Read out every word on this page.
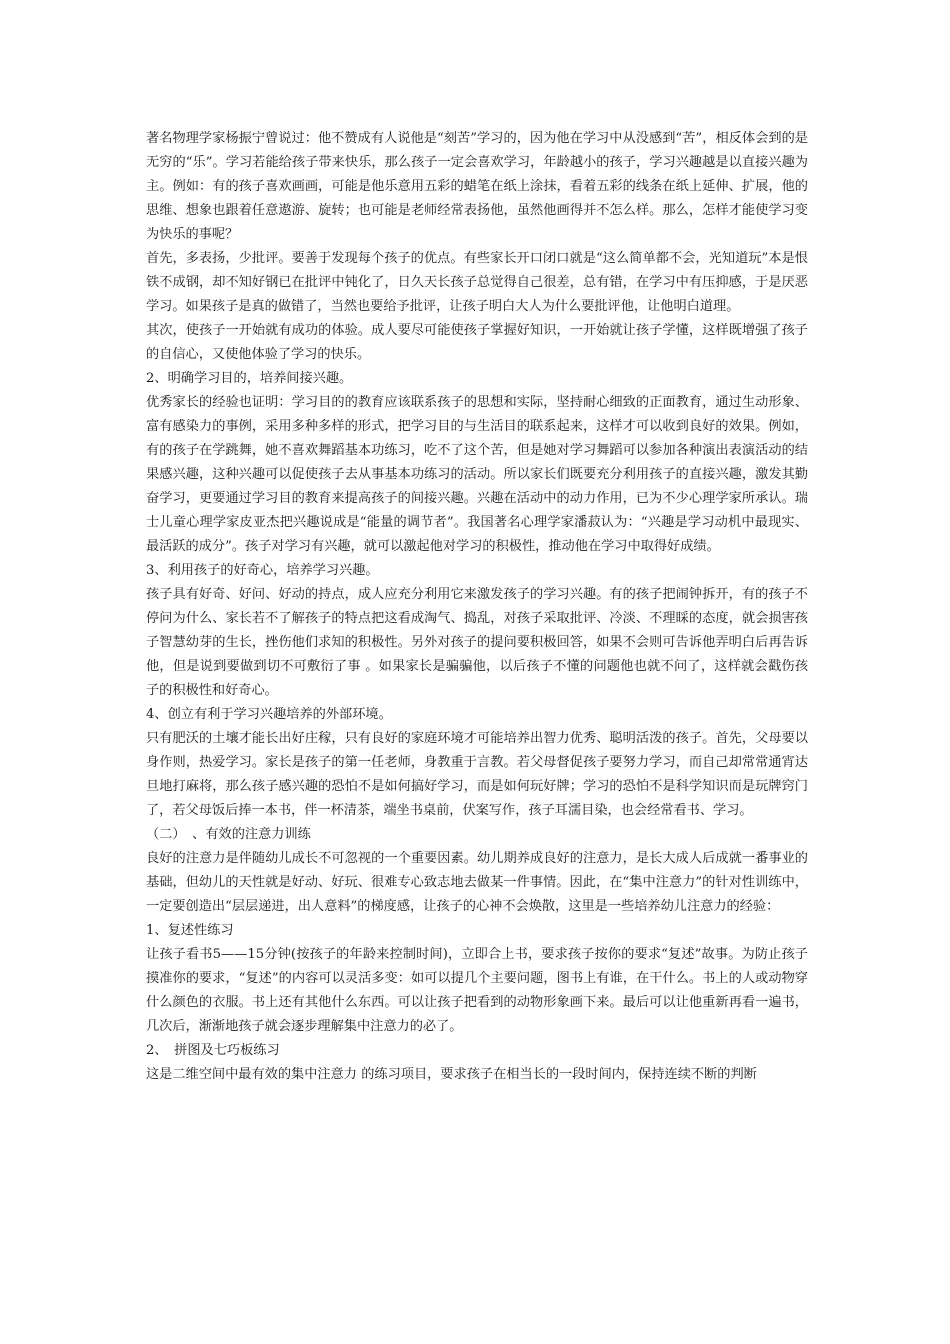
著名物理学家杨振宁曾说过：他不赞成有人说他是“刻苦”学习的，因为他在学习中从没感到“苦”，相反体会到的是无穷的“乐”。学习若能给孩子带来快乐，那么孩子一定会喜欢学习，年龄越小的孩子，学习兴趣越是以直接兴趣为主。例如：有的孩子喜欢画画，可能是他乐意用五彩的蜡笔在纸上涂抹，看着五彩的线条在纸上延伸、扩展，他的思维、想象也跟着任意遨游、旋转；也可能是老师经常表扬他，虽然他画得并不怎么样。那么，怎样才能使学习变为快乐的事呢？

首先，多表扬，少批评。要善于发现每个孩子的优点。有些家长开口闭口就是“这么简单都不会，光知道玩”本是恨铁不成钢，却不知好钢已在批评中钝化了，日久天长孩子总觉得自己很差，总有错，在学习中有压抑感，于是厌恶学习。如果孩子是真的做错了，当然也要给予批评，让孩子明白大人为什么要批评他，让他明白道理。

其次，使孩子一开始就有成功的体验。成人要尽可能使孩子掌握好知识，一开始就让孩子学懂，这样既增强了孩子的自信心，又使他体验了学习的快乐。

2、明确学习目的，培养间接兴趣。

优秀家长的经验也证明：学习目的的教育应该联系孩子的思想和实际，坚持耐心细致的正面教育，通过生动形象、富有感染力的事例，采用多种多样的形式，把学习目的与生活目的联系起来，这样才可以收到良好的效果。例如，有的孩子在学跳舞，她不喜欢舞蹈基本功练习，吃不了这个苦，但是她对学习舞蹈可以参加各种演出表演活动的结果感兴趣，这种兴趣可以促使孩子去从事基本功练习的活动。所以家长们既要充分利用孩子的直接兴趣，激发其勤奋学习，更要通过学习目的教育来提高孩子的间接兴趣。兴趣在活动中的动力作用，已为不少心理学家所承认。瑞士儿童心理学家皮亚杰把兴趣说成是“能量的调节者”。我国著名心理学家潘菽认为：“兴趣是学习动机中最现实、最活跃的成分”。孩子对学习有兴趣，就可以激起他对学习的积极性，推动他在学习中取得好成绩。

3、利用孩子的好奇心，培养学习兴趣。

孩子具有好奇、好问、好动的持点，成人应充分利用它来激发孩子的学习兴趣。有的孩子把闹钟拆开，有的孩子不停问为什么、家长若不了解孩子的特点把这看成淘气、捣乱，对孩子采取批评、冷淡、不理睬的态度，就会损害孩子智慧幼芽的生长，挫伤他们求知的积极性。另外对孩子的提问要积极回答，如果不会则可告诉他弄明白后再告诉他，但是说到要做到切不可敷衍了事 。如果家长是骗骗他，以后孩子不懂的问题他也就不问了，这样就会戳伤孩子的积极性和好奇心。

4、创立有利于学习兴趣培养的外部环境。

只有肥沃的土壤才能长出好庄稼，只有良好的家庭环境才可能培养出智力优秀、聪明活泼的孩子。首先，父母要以身作则，热爱学习。家长是孩子的第一任老师，身教重于言教。若父母督促孩子要努力学习，而自己却常常通宵达旦地打麻将，那么孩子感兴趣的恐怕不是如何搞好学习，而是如何玩好牌；学习的恐怕不是科学知识而是玩牌窍门了，若父母饭后捧一本书，伴一杯清茶，端坐书桌前，伏案写作，孩子耳濡目染，也会经常看书、学习。

（二）　、有效的注意力训练

良好的注意力是伴随幼儿成长不可忽视的一个重要因素。幼儿期养成良好的注意力，是长大成人后成就一番事业的基础，但幼儿的天性就是好动、好玩、很难专心致志地去做某一件事情。因此，在“集中注意力”的针对性训练中，一定要创造出“层层递进，出人意料”的梯度感，让孩子的心神不会焕散，这里是一些培养幼儿注意力的经验：

1、复述性练习

让孩子看书5——15分钟(按孩子的年龄来控制时间)，立即合上书，要求孩子按你的要求“复述”故事。为防止孩子摸准你的要求，“复述”的内容可以灵活多变：如可以提几个主要问题，图书上有谁，在干什么。书上的人或动物穿什么颜色的衣服。书上还有其他什么东西。可以让孩子把看到的动物形象画下来。最后可以让他重新再看一遍书，几次后，渐渐地孩子就会逐步理解集中注意力的必了。

2、　拼图及七巧板练习

这是二维空间中最有效的集中注意力 的练习项目，要求孩子在相当长的一段时间内，保持连续不断的判断
